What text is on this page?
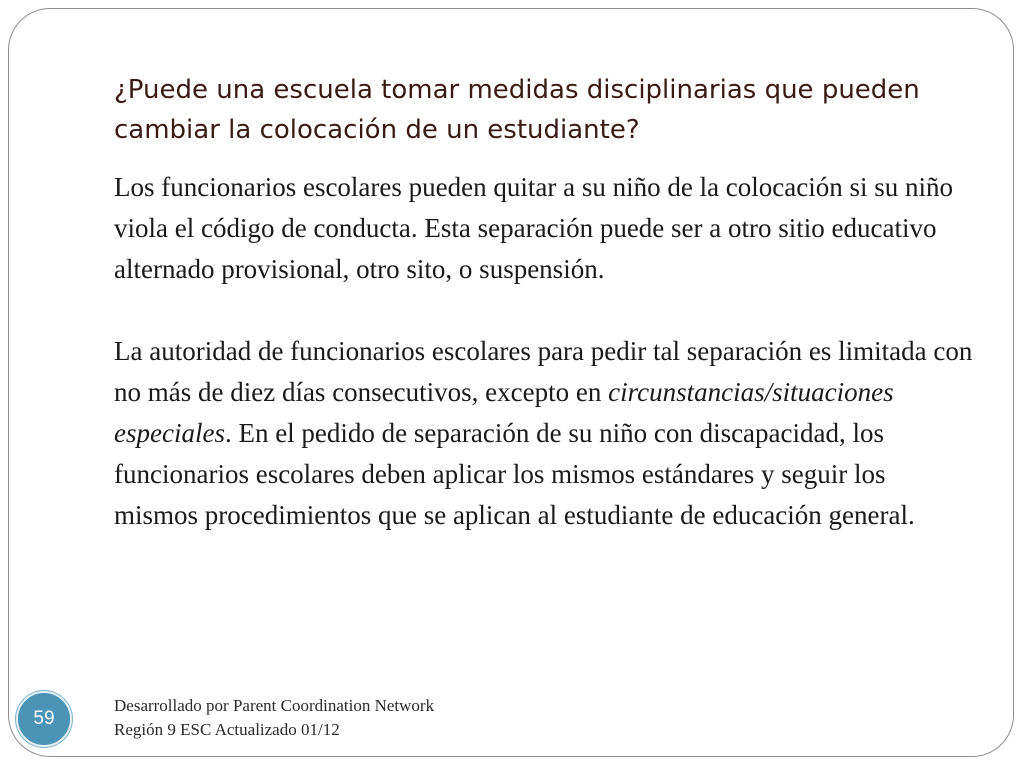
¿Puede una escuela tomar medidas disciplinarias que pueden cambiar la colocación de un estudiante?

Los funcionarios escolares pueden quitar a su niño de la colocación si su niño viola el código de conducta. Esta separación puede ser a otro sitio educativo alternado provisional, otro sito, o suspensión.

La autoridad de funcionarios escolares para pedir tal separación es limitada con no más de diez días consecutivos, excepto en circunstancias/situaciones especiales. En el pedido de separación de su niño con discapacidad, los funcionarios escolares deben aplicar los mismos estándares y seguir los mismos procedimientos que se aplican al estudiante de educación general.

59
Desarrollado por Parent Coordination Network
Región 9 ESC Actualizado 01/12
